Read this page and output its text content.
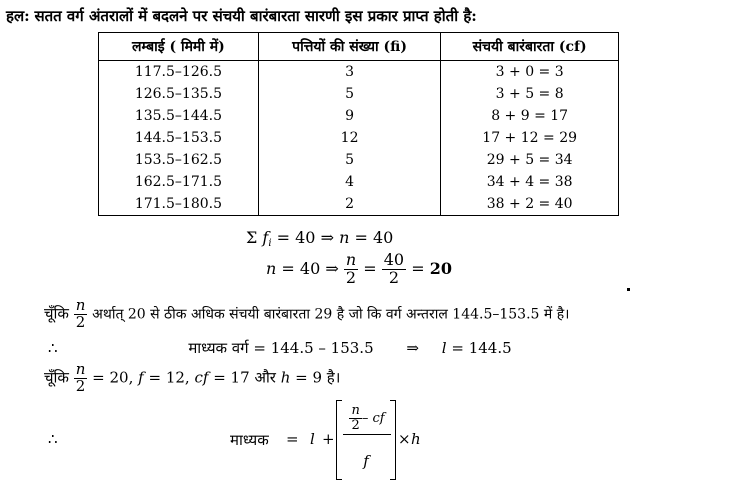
हल: सतत वर्ग अंतरालों में बदलने पर संचयी बारंबारता सारणी इस प्रकार प्राप्त होती है:
लम्बाई ( मिमी में)	पत्तियों की संख्या (fi)	संचयी बारंबारता (cf)
117.5–126.5	3	3 + 0 = 3
126.5–135.5	5	3 + 5 = 8
135.5–144.5	9	8 + 9 = 17
144.5–153.5	12	17 + 12 = 29
153.5–162.5	5	29 + 5 = 34
162.5–171.5	4	34 + 4 = 38
171.5–180.5	2	38 + 2 = 40
Σ $f_i = 40$ ⇒ n = 40
n = 40 ⇒ $\frac{n}{2} = \frac{40}{2} = 20$
चूँकि $\frac{n}{2}$ अर्थात् 20 से ठीक अधिक संचयी बारंबारता 29 है जो कि वर्ग अन्तराल 144.5–153.5 में है।
∴	माध्यक वर्ग = 144.5 – 153.5 ⇒ l = 144.5
चूँकि $\frac{n}{2} = 20$, f = 12, cf = 17 और h = 9 है।
∴	माध्यक = l +
$\frac{n}{2}$ – cf
f
× h
